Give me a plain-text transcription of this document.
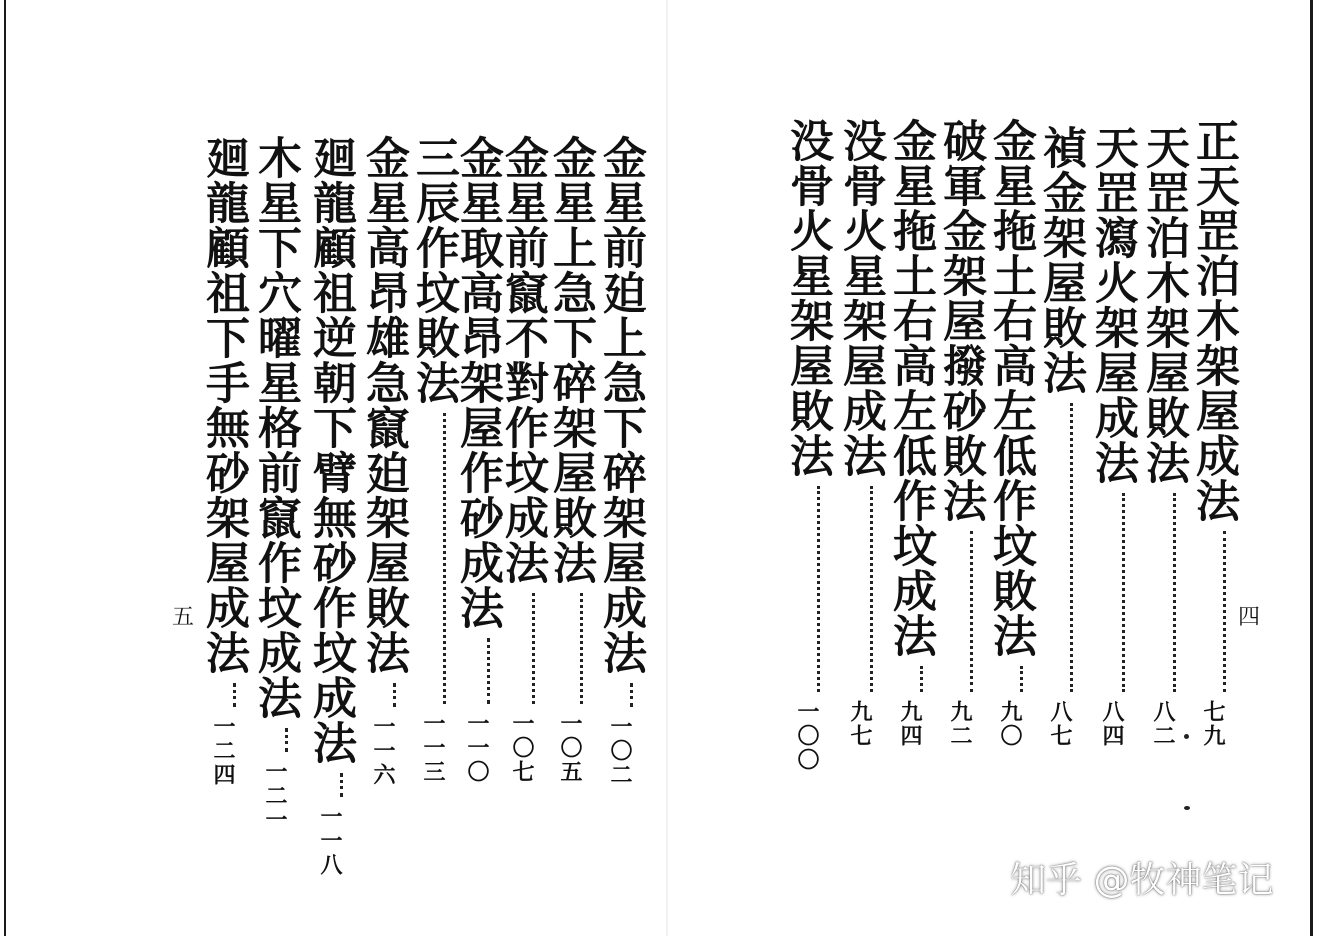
正天罡泊木架屋成法七九
天罡泊木架屋敗法八二
天罡瀉火架屋成法八四
禎金架屋敗法八七
金星拖土右高左低作坟敗法九〇
破軍金架屋撥砂敗法九二
金星拖土右高左低作坟成法九四
没骨火星架屋成法九七
没骨火星架屋敗法一〇〇
金星前廹上急下碎架屋成法一〇二
金星上急下碎架屋敗法一〇五
金星前竄不對作坟成法一〇七
金星取高昂架屋作砂成法一一〇
三辰作坟敗法一一三
金星高昂雄急竄廹架屋敗法一一六
廻龍顧祖逆朝下臂無砂作坟成法一一八
木星下穴曜星格前竄作坟成法一二一
廻龍顧祖下手無砂架屋成法一二四
四
五
知乎 @牧神笔记
